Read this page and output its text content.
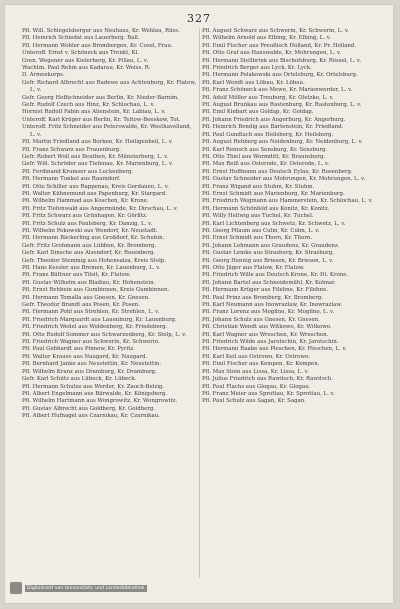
327
Pfl. Will. Schlegelsberger aus Neuhaus, Kr. Wehlau, Rüss.
Pfl. Heinrich Schiedat aus Lauerberg. Ball.
Pfl. Hermann Wohler aus Brombergen, Kr. Cosel, Frau.
Unteroff. Ernst v. Schöneck aus Trenkt, Kl.
Gren. Wegener aus Kielerberg, Kr. Pillau, L. v.
Wachtm. Paul Rehm aus Kadarau, Kr. Weiss. R.
II. Armeekorps.
Gefr. Richard Albrecht aus Radewe aus Achtenburg, Kr. Flatow, L. v.
Gefr. Georg Hoffschneider aus Berlin, Kr. Nieder-Barnim.
Gefr. Rudolf Czech aus Hinz, Kr. Schlochau, L. v.
Hornist Rudolf Fabin aus Alienstein, Kr. Labiau, L. v.
Unteroff. Karl Krüger aus Berlin, Kr. Teltow-Beeskow, Tot.
Unteroff. Fritz Schneider aus Peterswalde, Kr. Westhavelland, L. v.
Pfl. Martin Friedland aus Borken, Kr. Heiligenbeil, L. v.
Pfl. Franz Schwarz aus Frauenburg.
Gefr. Robert Woll aus Beuthen, Kr. Münsterberg, L. v.
Gefr. Will. Schröder aus Tiefenau, Kr. Marienburg, L. v.
Pfl. Ferdinand Krumser aus Luckenberg.
Pfl. Hermann Tunkel aus Raumdorf.
Pfl. Otto Schiller aus Rappenau, Kreis Gerdauen, L. v.
Pfl. Walter Kühnemund aus Papenburg, Kr. Stargard.
Pfl. Wilhelm Hammad aus Koschen, Kr. Krone.
Pfl. Fritz Tiefenwald aus Angermünde, Kr. Dirschau, L. v.
Pfl. Fritz Schwarz aus Grünhagen, Kr. Görlitz.
Pfl. Fritz Schulz aus Paulsberg, Kr. Danzig, L. v.
Pfl. Wilhelm Pekowski aus Wendorf, Kr. Neustadt.
Pfl. Hermann Bäckerling aus Großdorf, Kr. Schubin.
Gefr. Fritz Grohmann aus Lübben, Kr. Bromberg.
Gefr. Karl Dinsche aus Alsendorf, Kr. Rosenberg.
Gefr. Theodor Stemmig aus Hohensalza, Kreis Stolp.
Pfl. Hans Kessler aus Bremen, Kr. Lauenburg, L. v.
Pfl. Franz Büttner aus Tilsit, Kr. Flatow.
Pfl. Gustav Wilhelm aus Bladiau, Kr. Hohenstein.
Pfl. Ernst Rehbein aus Gumbinnen, Kreis Gumbinnen.
Pfl. Hermann Tomalla aus Gnesen, Kr. Gnesen.
Gefr. Theodor Brandt aus Posen, Kr. Posen.
Pfl. Hermann Pohl aus Strehlen, Kr. Strehlen, L. v.
Pfl. Friedrich Marquardt aus Lauenburg, Kr. Lauenburg.
Pfl. Friedrich Wedel aus Woldenberg, Kr. Friedeberg.
Pfl. Otto Rudolf Sommer aus Schwarzenberg, Kr. Stolp, L. v.
Pfl. Friedrich Wagner aus Schwerin, Kr. Schwerin.
Pfl. Paul Gebhardt aus Pinnow, Kr. Pyritz.
Pfl. Walter Krause aus Naugard, Kr. Naugard.
Pfl. Bernhard Janke aus Neustettin, Kr. Neustettin.
Pfl. Wilhelm Kranz aus Dramburg, Kr. Dramburg.
Gefr. Karl Schütz aus Lübeck, Kr. Lübeck.
Pfl. Hermann Schulze aus Werder, Kr. Zauch-Belzig.
Pfl. Albert Engelmann aus Bärwalde, Kr. Königsberg.
Pfl. Wilhelm Hartmann aus Wongrowitz, Kr. Wongrowitz.
Pfl. Gustav Albrecht aus Goldberg, Kr. Goldberg.
Pfl. Albert Hufnagel aus Czarnikau, Kr. Czarnikau.
Pfl. August Schwarz aus Schwerin, Kr. Schwerin, L. v.
Pfl. Wilhelm Arnold aus Elbing, Kr. Elbing, L. v.
Pfl. Emil Fischer aus Preußisch Holland, Kr. Pr. Holland.
Pfl. Otto Graf aus Hanswalde, Kr. Mohrungen, L. v.
Pfl. Hermann Stellbrink aus Bischofsburg, Kr. Rössel, L. v.
Pfl. Friedrich Berger aus Lyck, Kr. Lyck.
Pfl. Hermann Polakowski aus Ortelsburg, Kr. Ortelsburg.
Pfl. Karl Wendt aus Löbau, Kr. Löbau.
Pfl. Franz Schöneck aus Mewe, Kr. Marienwerder, L. v.
Pfl. Adolf Möller aus Treuburg, Kr. Oletzko, L. v.
Pfl. August Brunkau aus Rastenburg, Kr. Rastenburg, L. v.
Pfl. Emil Kiebart aus Goldap, Kr. Goldap.
Pfl. Johann Friedrich aus Angerburg, Kr. Angerburg.
Pfl. Heinrich Bendig aus Bartenstein, Kr. Friedland.
Pfl. Paul Gundlach aus Heilsberg, Kr. Heilsberg.
Pfl. August Rehberg aus Neidenburg, Kr. Neidenburg, L. v.
Pfl. Karl Reinsch aus Sensburg, Kr. Sensburg.
Pfl. Otto Thiel aus Wormditt, Kr. Braunsberg.
Pfl. Max Reiß aus Osterode, Kr. Osterode, L. v.
Pfl. Ernst Hoffmann aus Deutsch Eylau, Kr. Rosenberg.
Pfl. Gustav Schneider aus Mohrungen, Kr. Mohrungen, L. v.
Pfl. Franz Wigand aus Stuhm, Kr. Stuhm.
Pfl. Ernst Schmidt aus Marienburg, Kr. Marienburg.
Pfl. Friedrich Wegmann aus Hammerstein, Kr. Schlochau, L. v.
Pfl. Hermann Schönfeld aus Konitz, Kr. Konitz.
Pfl. Willy Hellwig aus Tuchel, Kr. Tuchel.
Pfl. Karl Lichtenberg aus Schwetz, Kr. Schwetz, L. v.
Pfl. Georg Pflaum aus Culm, Kr. Culm, L. v.
Pfl. Ernst Schmidt aus Thorn, Kr. Thorn.
Pfl. Johann Lehmann aus Graudenz, Kr. Graudenz.
Pfl. Gustav Lemke aus Strasburg, Kr. Strasburg.
Pfl. Georg Hennig aus Briesen, Kr. Briesen, L. v.
Pfl. Otto Jäger aus Flatow, Kr. Flatow.
Pfl. Friedrich Wille aus Deutsch Krone, Kr. Dt. Krone.
Pfl. Johann Bartel aus Schneidemühl, Kr. Kolmar.
Pfl. Hermann Krüger aus Filehne, Kr. Filehne.
Pfl. Paul Prinz aus Bromberg, Kr. Bromberg.
Pfl. Karl Neumann aus Inowrazlaw, Kr. Inowrazlaw.
Pfl. Franz Lorenz aus Mogilno, Kr. Mogilno, L. v.
Pfl. Johann Schulz aus Gnesen, Kr. Gnesen.
Pfl. Christian Wendt aus Witkowo, Kr. Witkowo.
Pfl. Karl Wagner aus Wreschen, Kr. Wreschen.
Pfl. Friedrich Wilde aus Jarotschin, Kr. Jarotschin.
Pfl. Hermann Raabe aus Pleschen, Kr. Pleschen, L. v.
Pfl. Karl Keil aus Ostrowo, Kr. Ostrowo.
Pfl. Emil Fischer aus Kempen, Kr. Kempen.
Pfl. Max Stein aus Lissa, Kr. Lissa, L. v.
Pfl. Julius Friedrich aus Rawitsch, Kr. Rawitsch.
Pfl. Paul Flachs aus Glogau, Kr. Glogau.
Pfl. Franz Meier aus Sprottau, Kr. Sprottau, L. v.
Pfl. Paul Schulz aus Sagan, Kr. Sagan.
Digitalisiert von Universitäts- und Landesbibliothek
